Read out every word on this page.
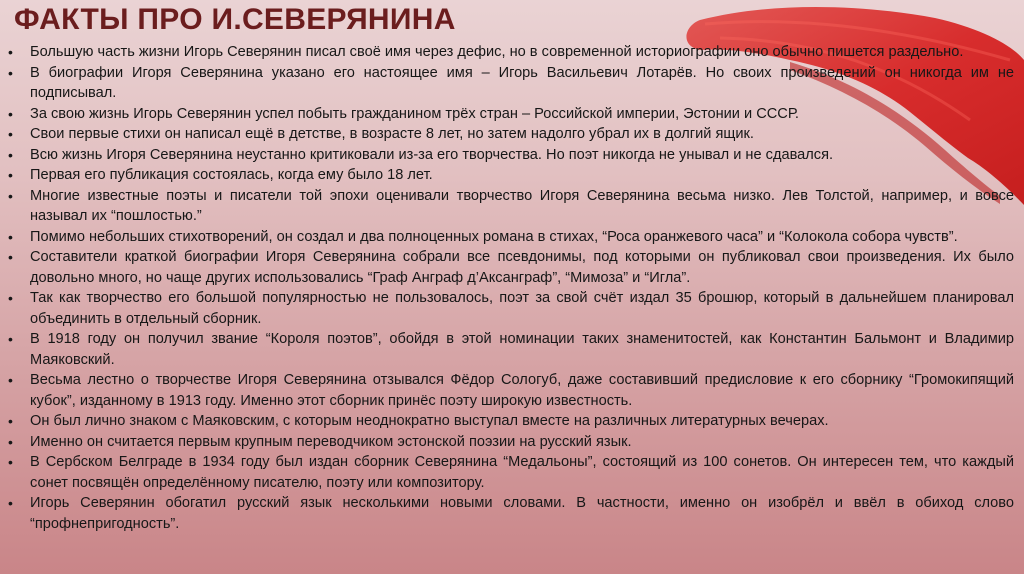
ФАКТЫ ПРО И.СЕВЕРЯНИНА
•	Большую часть жизни Игорь Северянин писал своё имя через дефис, но в современной историографии оно обычно пишется раздельно.
•	В биографии Игоря Северянина указано его настоящее имя – Игорь Васильевич Лотарёв. Но своих произведений он никогда им не подписывал.
•	За свою жизнь Игорь Северянин успел побыть гражданином трёх стран – Российской империи, Эстонии и СССР.
•	Свои первые стихи он написал ещё в детстве, в возрасте 8 лет, но затем надолго убрал их в долгий ящик.
•	Всю жизнь Игоря Северянина неустанно критиковали из-за его творчества. Но поэт никогда не унывал и не сдавался.
•	Первая его публикация состоялась, когда ему было 18 лет.
•	Многие известные поэты и писатели той эпохи оценивали творчество Игоря Северянина весьма низко. Лев Толстой, например, и вовсе называл их “пошлостью.”
•	Помимо небольших стихотворений, он создал и два полноценных романа в стихах, “Роса оранжевого часа” и “Колокола собора чувств”.
•	Составители краткой биографии Игоря Северянина собрали все псевдонимы, под которыми он публиковал свои произведения. Их было довольно много, но чаще других использовались “Граф Анграф д’Аксанграф”, “Мимоза” и “Игла”.
•	Так как творчество его большой популярностью не пользовалось, поэт за свой счёт издал 35 брошюр, который в дальнейшем планировал объединить в отдельный сборник.
•	В 1918 году он получил звание “Короля поэтов”, обойдя в этой номинации таких знаменитостей, как Константин Бальмонт и Владимир Маяковский.
•	Весьма лестно о творчестве Игоря Северянина отзывался Фёдор Сологуб, даже составивший предисловие к его сборнику “Громокипящий кубок”, изданному в 1913 году. Именно этот сборник принёс поэту широкую известность.
•	Он был лично знаком с Маяковским, с которым неоднократно выступал вместе на различных литературных вечерах.
•	Именно он считается первым крупным переводчиком эстонской поэзии на русский язык.
•	В Сербском Белграде в 1934 году был издан сборник Северянина “Медальоны”, состоящий из 100 сонетов. Он интересен тем, что каждый сонет посвящён определённому писателю, поэту или композитору.
•	Игорь Северянин обогатил русский язык несколькими новыми словами. В частности, именно он изобрёл и ввёл в обиход слово “профнепригодность”.
